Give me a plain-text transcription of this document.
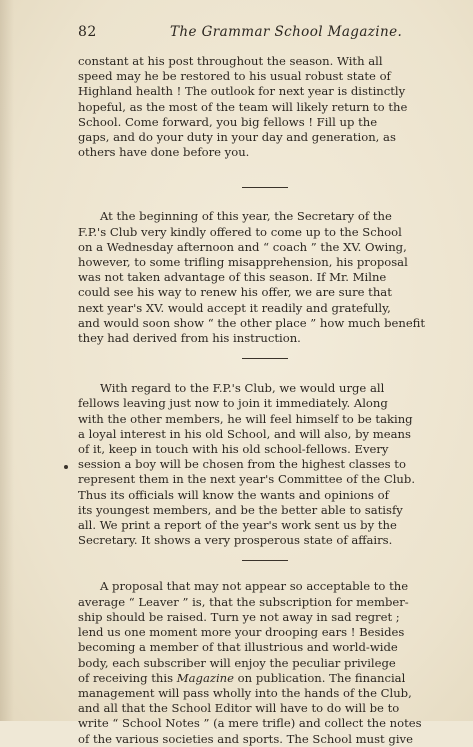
82	The Grammar School Magazine.

constant at his post throughout the season. With all
speed may he be restored to his usual robust state of
Highland health ! The outlook for next year is distinctly
hopeful, as the most of the team will likely return to the
School. Come forward, you big fellows ! Fill up the
gaps, and do your duty in your day and generation, as
others have done before you.

At the beginning of this year, the Secretary of the
F.P.'s Club very kindly offered to come up to the School
on a Wednesday afternoon and “ coach ” the XV. Owing,
however, to some trifling misapprehension, his proposal
was not taken advantage of this season. If Mr. Milne
could see his way to renew his offer, we are sure that
next year's XV. would accept it readily and gratefully,
and would soon show “ the other place ” how much benefit
they had derived from his instruction.

With regard to the F.P.'s Club, we would urge all
fellows leaving just now to join it immediately. Along
with the other members, he will feel himself to be taking
a loyal interest in his old School, and will also, by means
of it, keep in touch with his old school-fellows. Every
session a boy will be chosen from the highest classes to
represent them in the next year's Committee of the Club.
Thus its officials will know the wants and opinions of
its youngest members, and be the better able to satisfy
all. We print a report of the year's work sent us by the
Secretary. It shows a very prosperous state of affairs.

A proposal that may not appear so acceptable to the
average “ Leaver ” is, that the subscription for member-
ship should be raised. Turn ye not away in sad regret ;
lend us one moment more your drooping ears ! Besides
becoming a member of that illustrious and world-wide
body, each subscriber will enjoy the peculiar privilege
of receiving this Magazine on publication. The financial
management will pass wholly into the hands of the Club,
and all that the School Editor will have to do will be to
write “ School Notes ” (a mere trifle) and collect the notes
of the various societies and sports. The School must give
